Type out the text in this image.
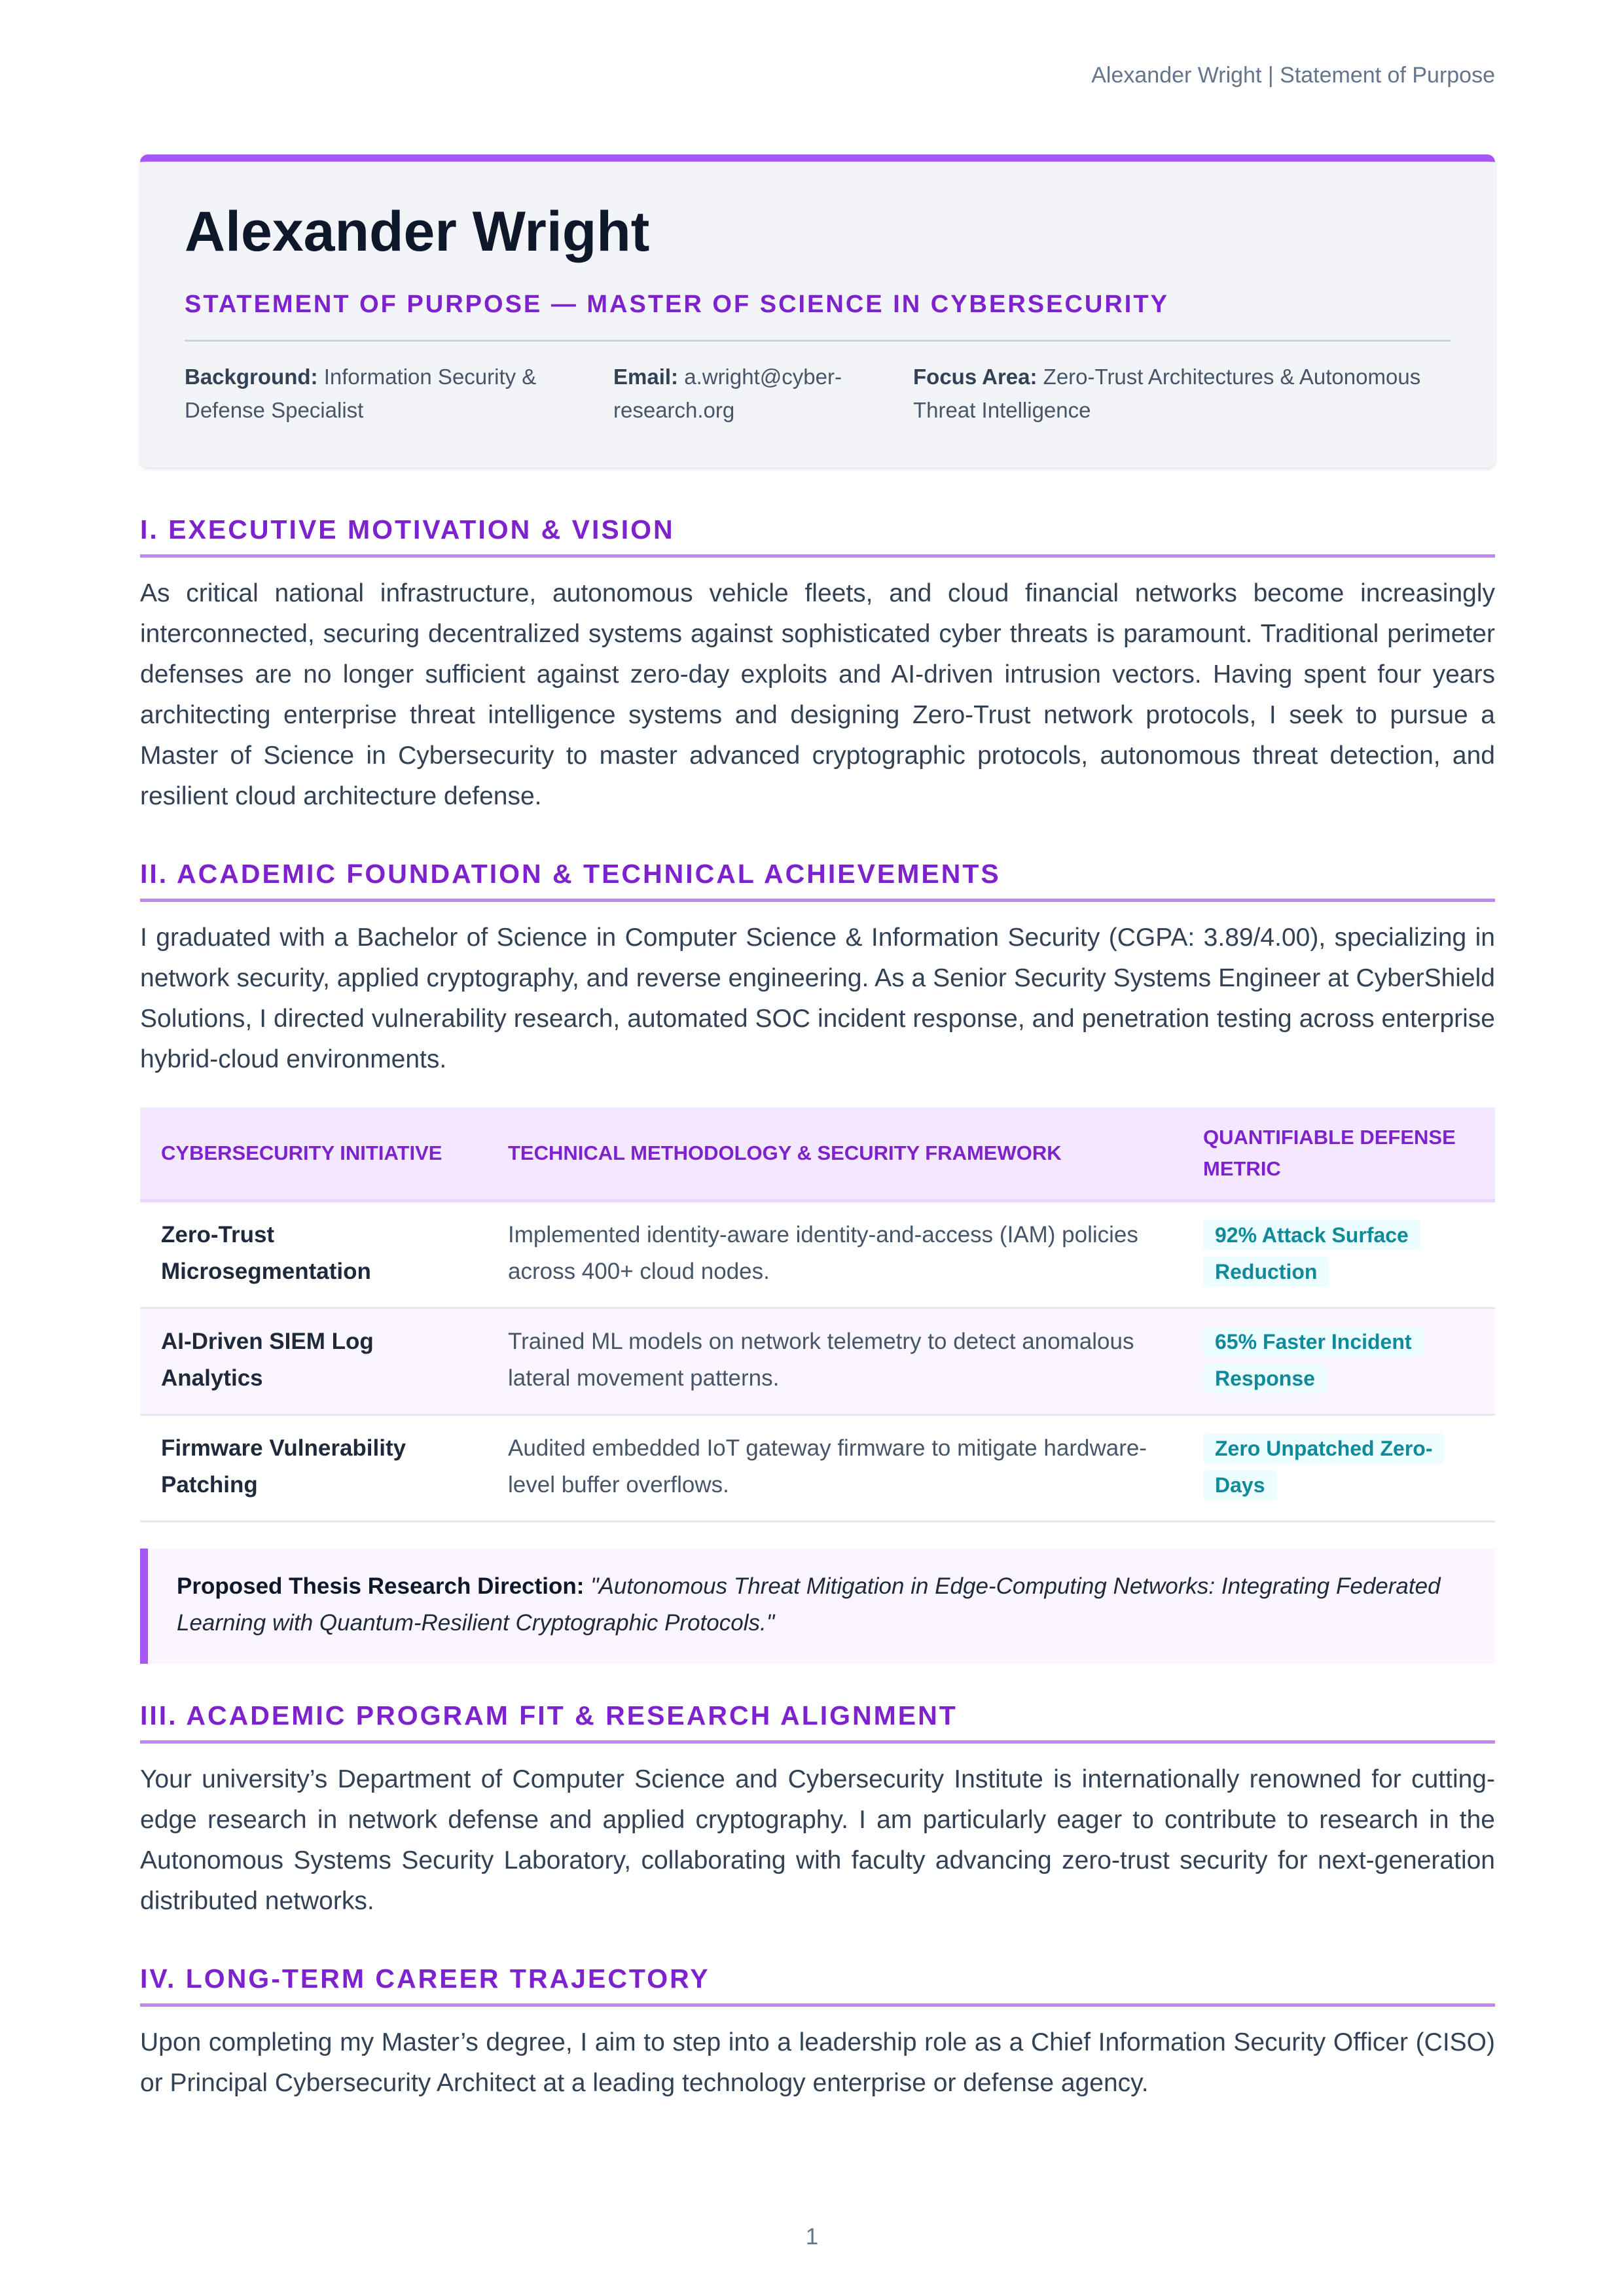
Alexander Wright | Statement of Purpose
Alexander Wright
STATEMENT OF PURPOSE — MASTER OF SCIENCE IN CYBERSECURITY
Background: Information Security & Defense Specialist
Email: a.wright@cyber-research.org
Focus Area: Zero-Trust Architectures & Autonomous Threat Intelligence
I. EXECUTIVE MOTIVATION & VISION

As critical national infrastructure, autonomous vehicle fleets, and cloud financial networks become increasingly interconnected, securing decentralized systems against sophisticated cyber threats is paramount. Traditional perimeter defenses are no longer sufficient against zero-day exploits and AI-driven intrusion vectors. Having spent four years architecting enterprise threat intelligence systems and designing Zero-Trust network protocols, I seek to pursue a Master of Science in Cybersecurity to master advanced cryptographic protocols, autonomous threat detection, and resilient cloud architecture defense.

II. ACADEMIC FOUNDATION & TECHNICAL ACHIEVEMENTS

I graduated with a Bachelor of Science in Computer Science & Information Security (CGPA: 3.89/4.00), specializing in network security, applied cryptography, and reverse engineering. As a Senior Security Systems Engineer at CyberShield Solutions, I directed vulnerability research, automated SOC incident response, and penetration testing across enterprise hybrid-cloud environments.

CYBERSECURITY INITIATIVE	TECHNICAL METHODOLOGY & SECURITY FRAMEWORK	QUANTIFIABLE DEFENSE METRIC
Zero-Trust Microsegmentation	Implemented identity-aware identity-and-access (IAM) policies across 400+ cloud nodes.	92% Attack Surface Reduction
AI-Driven SIEM Log Analytics	Trained ML models on network telemetry to detect anomalous lateral movement patterns.	65% Faster Incident Response
Firmware Vulnerability Patching	Audited embedded IoT gateway firmware to mitigate hardware-level buffer overflows.	Zero Unpatched Zero-Days
Proposed Thesis Research Direction: "Autonomous Threat Mitigation in Edge-Computing Networks: Integrating Federated Learning with Quantum-Resilient Cryptographic Protocols."
III. ACADEMIC PROGRAM FIT & RESEARCH ALIGNMENT

Your university’s Department of Computer Science and Cybersecurity Institute is internationally renowned for cutting-edge research in network defense and applied cryptography. I am particularly eager to contribute to research in the Autonomous Systems Security Laboratory, collaborating with faculty advancing zero-trust security for next-generation distributed networks.

IV. LONG-TERM CAREER TRAJECTORY

Upon completing my Master’s degree, I aim to step into a leadership role as a Chief Information Security Officer (CISO) or Principal Cybersecurity Architect at a leading technology enterprise or defense agency.

1
